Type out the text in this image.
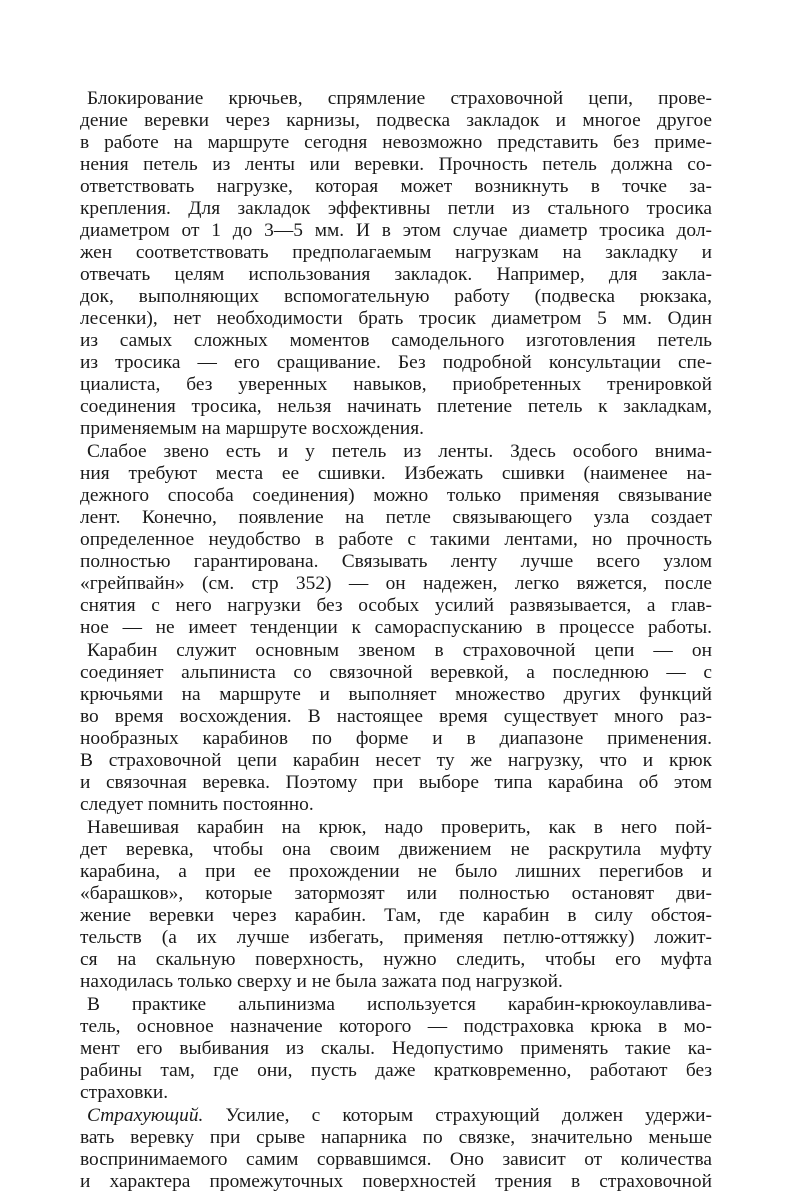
Блокирование крючьев, спрямление страховочной цепи, прове-
дение веревки через карнизы, подвеска закладок и многое другое
в работе на маршруте сегодня невозможно представить без приме-
нения петель из ленты или веревки. Прочность петель должна со-
ответствовать нагрузке, которая может возникнуть в точке за-
крепления. Для закладок эффективны петли из стального тросика
диаметром от 1 до 3—5 мм. И в этом случае диаметр тросика дол-
жен соответствовать предполагаемым нагрузкам на закладку и
отвечать целям использования закладок. Например, для закла-
док, выполняющих вспомогательную работу (подвеска рюкзака,
лесенки), нет необходимости брать тросик диаметром 5 мм. Один
из самых сложных моментов самодельного изготовления петель
из тросика — его сращивание. Без подробной консультации спе-
циалиста, без уверенных навыков, приобретенных тренировкой
соединения тросика, нельзя начинать плетение петель к закладкам,
применяемым на маршруте восхождения.
Слабое звено есть и у петель из ленты. Здесь особого внима-
ния требуют места ее сшивки. Избежать сшивки (наименее на-
дежного способа соединения) можно только применяя связывание
лент. Конечно, появление на петле связывающего узла создает
определенное неудобство в работе с такими лентами, но прочность
полностью гарантирована. Связывать ленту лучше всего узлом
«грейпвайн» (см. стр 352) — он надежен, легко вяжется, после
снятия с него нагрузки без особых усилий развязывается, а глав-
ное — не имеет тенденции к самораспусканию в процессе работы.
Карабин служит основным звеном в страховочной цепи — он
соединяет альпиниста со связочной веревкой, а последнюю — с
крючьями на маршруте и выполняет множество других функций
во время восхождения. В настоящее время существует много раз-
нообразных карабинов по форме и в диапазоне применения.
В страховочной цепи карабин несет ту же нагрузку, что и крюк
и связочная веревка. Поэтому при выборе типа карабина об этом
следует помнить постоянно.
Навешивая карабин на крюк, надо проверить, как в него пой-
дет веревка, чтобы она своим движением не раскрутила муфту
карабина, а при ее прохождении не было лишних перегибов и
«барашков», которые затормозят или полностью остановят дви-
жение веревки через карабин. Там, где карабин в силу обстоя-
тельств (а их лучше избегать, применяя петлю-оттяжку) ложит-
ся на скальную поверхность, нужно следить, чтобы его муфта
находилась только сверху и не была зажата под нагрузкой.
В практике альпинизма используется карабин-крюкоулавлива-
тель, основное назначение которого — подстраховка крюка в мо-
мент его выбивания из скалы. Недопустимо применять такие ка-
рабины там, где они, пусть даже кратковременно, работают без
страховки.
Страхующий. Усилие, с которым страхующий должен удержи-
вать веревку при срыве напарника по связке, значительно меньше
воспринимаемого самим сорвавшимся. Оно зависит от количества
и характера промежуточных поверхностей трения в страховочной
